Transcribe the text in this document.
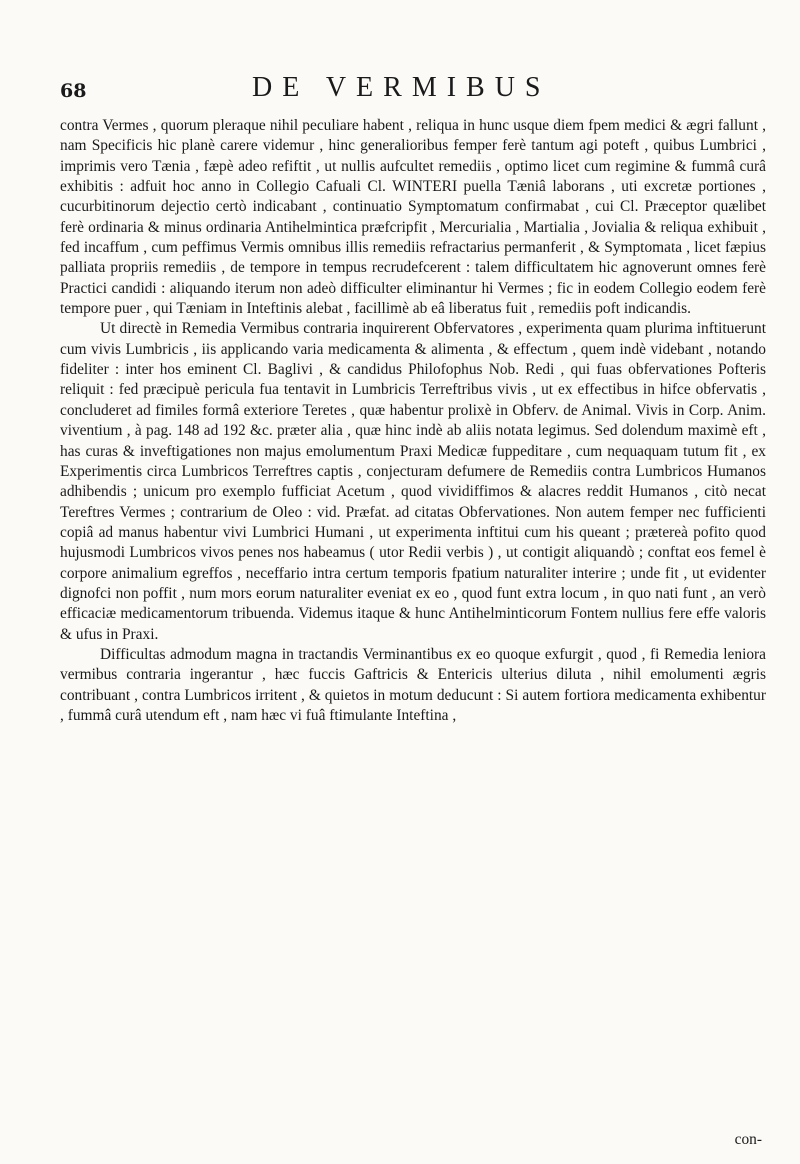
68	DE VERMIBUS

contra Vermes , quorum pleraque nihil peculiare habent , reliqua in hunc usque diem fpem medici & ægri fallunt , nam Specificis hic planè carere videmur , hinc generalioribus femper ferè tantum agi poteft , quibus Lumbrici , imprimis vero Tænia , fæpè adeo refiftit , ut nullis aufcultet remediis , optimo licet cum regimine & fummâ curâ exhibitis : adfuit hoc anno in Collegio Cafuali Cl. WINTERI puella Tæniâ laborans , uti excretæ portiones , cucurbitinorum dejectio certò indicabant , continuatio Symptomatum confirmabat , cui Cl. Præceptor quælibet ferè ordinaria & minus ordinaria Antihelmintica præfcripfit , Mercurialia , Martialia , Jovialia & reliqua exhibuit , fed incaffum , cum peffimus Vermis omnibus illis remediis refractarius permanferit , & Symptomata , licet fæpius palliata propriis remediis , de tempore in tempus recrudefcerent : talem difficultatem hic agnoverunt omnes ferè Practici candidi : aliquando iterum non adeò difficulter eliminantur hi Vermes ; fic in eodem Collegio eodem ferè tempore puer , qui Tæniam in Inteftinis alebat , facillimè ab eâ liberatus fuit , remediis poft indicandis.

Ut directè in Remedia Vermibus contraria inquirerent Obfervatores , experimenta quam plurima inftituerunt cum vivis Lumbricis , iis applicando varia medicamenta & alimenta , & effectum , quem indè videbant , notando fideliter : inter hos eminent Cl. Baglivi , & candidus Philofophus Nob. Redi , qui fuas obfervationes Pofteris reliquit : fed præcipuè pericula fua tentavit in Lumbricis Terreftribus vivis , ut ex effectibus in hifce obfervatis , concluderet ad fimiles formâ exteriore Teretes , quæ habentur prolixè in Obferv. de Animal. Vivis in Corp. Anim. viventium , à pag. 148 ad 192 &c. præter alia , quæ hinc indè ab aliis notata legimus. Sed dolendum maximè eft , has curas & inveftigationes non majus emolumentum Praxi Medicæ fuppeditare , cum nequaquam tutum fit , ex Experimentis circa Lumbricos Terreftres captis , conjecturam defumere de Remediis contra Lumbricos Humanos adhibendis ; unicum pro exemplo fufficiat Acetum , quod vividiffimos & alacres reddit Humanos , citò necat Tereftres Vermes ; contrarium de Oleo : vid. Præfat. ad citatas Obfervationes. Non autem femper nec fufficienti copiâ ad manus habentur vivi Lumbrici Humani , ut experimenta inftitui cum his queant ; prætereà pofito quod hujusmodi Lumbricos vivos penes nos habeamus ( utor Redii verbis ) , ut contigit aliquandò ; conftat eos femel è corpore animalium egreffos , neceffario intra certum temporis fpatium naturaliter interire ; unde fit , ut evidenter dignofci non poffit , num mors eorum naturaliter eveniat ex eo , quod funt extra locum , in quo nati funt , an verò efficaciæ medicamentorum tribuenda. Videmus itaque & hunc Antihelminticorum Fontem nullius fere effe valoris & ufus in Praxi.

Difficultas admodum magna in tractandis Verminantibus ex eo quoque exfurgit , quod , fi Remedia leniora vermibus contraria ingerantur , hæc fuccis Gaftricis & Entericis ulterius diluta , nihil emolumenti ægris contribuant , contra Lumbricos irritent , & quietos in motum deducunt : Si autem fortiora medicamenta exhibentur , fummâ curâ utendum eft , nam hæc vi fuâ ftimulante Inteftina ,

con-
